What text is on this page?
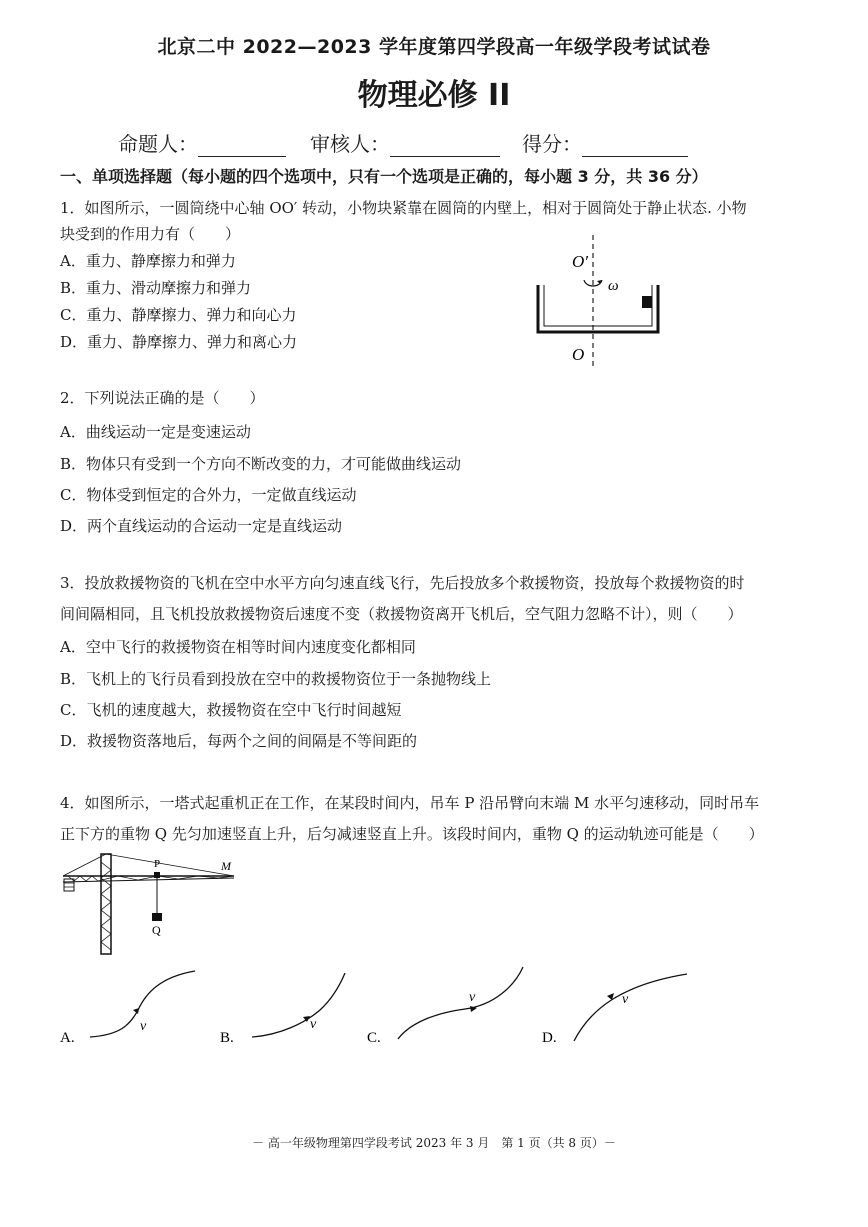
北京二中 2022—2023 学年度第四学段高一年级学段考试试卷
物理必修 II
命题人：	审核人：	得分：
一、单项选择题（每小题的四个选项中，只有一个选项是正确的，每小题 3 分，共 36 分）
1．如图所示，一圆筒绕中心轴 OO′ 转动，小物块紧靠在圆筒的内壁上，相对于圆筒处于静止状态. 小物
块受到的作用力有（　　）
A．重力、静摩擦力和弹力
B．重力、滑动摩擦力和弹力
C．重力、静摩擦力、弹力和向心力
D．重力、静摩擦力、弹力和离心力
O′
ω
O
2．下列说法正确的是（　　）
A．曲线运动一定是变速运动
B．物体只有受到一个方向不断改变的力，才可能做曲线运动
C．物体受到恒定的合外力，一定做直线运动
D．两个直线运动的合运动一定是直线运动
3．投放救援物资的飞机在空中水平方向匀速直线飞行，先后投放多个救援物资，投放每个救援物资的时
间间隔相同，且飞机投放救援物资后速度不变（救援物资离开飞机后，空气阻力忽略不计），则（　　）
A．空中飞行的救援物资在相等时间内速度变化都相同
B．飞机上的飞行员看到投放在空中的救援物资位于一条抛物线上
C．飞机的速度越大，救援物资在空中飞行时间越短
D．救援物资落地后，每两个之间的间隔是不等间距的
4．如图所示，一塔式起重机正在工作，在某段时间内，吊车 P 沿吊臂向末端 M 水平匀速移动，同时吊车
正下方的重物 Q 先匀加速竖直上升，后匀减速竖直上升。该段时间内，重物 Q 的运动轨迹可能是（　　）
P	M
Q
A.
v
B.
v
C.
v
D.
v
－ 高一年级物理第四学段考试 2023 年 3 月　第 1 页（共 8 页）－
